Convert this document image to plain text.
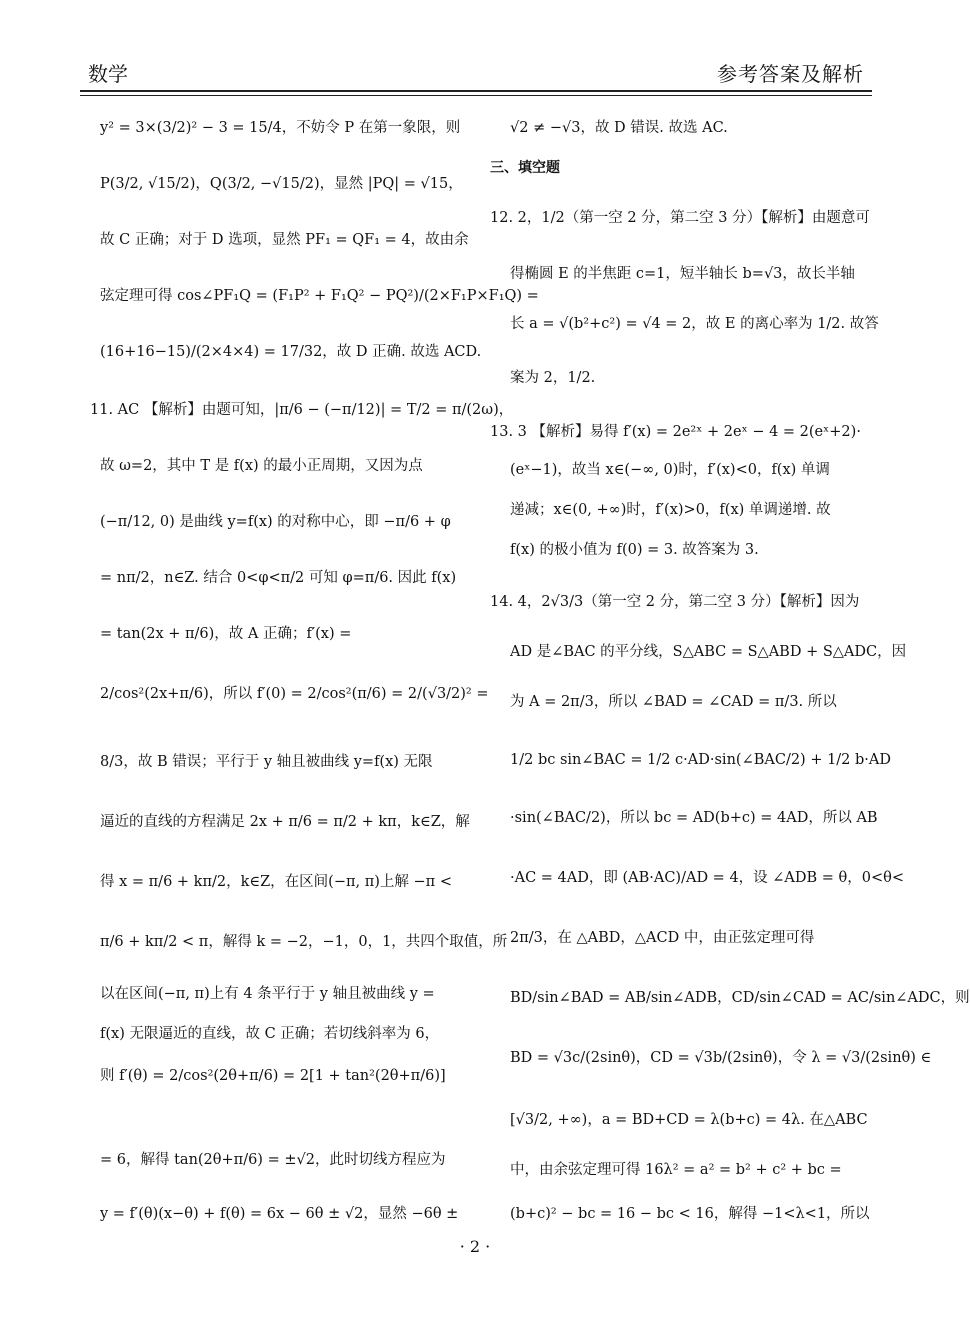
数学	参考答案及解析
y² = 3×(3/2)² − 3 = 15/4，不妨令 P 在第一象限，则
P(3/2, √15/2)，Q(3/2, −√15/2)，显然 |PQ| = √15，
故 C 正确；对于 D 选项，显然 PF₁ = QF₁ = 4，故由余
弦定理可得 cos∠PF₁Q = (F₁P² + F₁Q² − PQ²)/(2×F₁P×F₁Q) =
(16+16−15)/(2×4×4) = 17/32，故 D 正确. 故选 ACD.
11. AC 【解析】由题可知，|π/6 − (−π/12)| = T/2 = π/(2ω)，
故 ω=2，其中 T 是 f(x) 的最小正周期，又因为点
(−π/12, 0) 是曲线 y=f(x) 的对称中心，即 −π/6 + φ
= nπ/2，n∈Z. 结合 0<φ<π/2 可知 φ=π/6. 因此 f(x)
= tan(2x + π/6)，故 A 正确；f′(x) =
2/cos²(2x+π/6)，所以 f′(0) = 2/cos²(π/6) = 2/(√3/2)² =
8/3，故 B 错误；平行于 y 轴且被曲线 y=f(x) 无限
逼近的直线的方程满足 2x + π/6 = π/2 + kπ，k∈Z，解
得 x = π/6 + kπ/2，k∈Z，在区间(−π, π)上解 −π <
π/6 + kπ/2 < π，解得 k = −2，−1，0，1，共四个取值，所
以在区间(−π, π)上有 4 条平行于 y 轴且被曲线 y =
f(x) 无限逼近的直线，故 C 正确；若切线斜率为 6，
则 f′(θ) = 2/cos²(2θ+π/6) = 2[1 + tan²(2θ+π/6)]
= 6，解得 tan(2θ+π/6) = ±√2，此时切线方程应为
y = f′(θ)(x−θ) + f(θ) = 6x − 6θ ± √2，显然 −6θ ±
√2 ≠ −√3，故 D 错误. 故选 AC.
三、填空题
12. 2，1/2（第一空 2 分，第二空 3 分）【解析】由题意可
得椭圆 E 的半焦距 c=1，短半轴长 b=√3，故长半轴
长 a = √(b²+c²) = √4 = 2，故 E 的离心率为 1/2. 故答
案为 2，1/2.
13. 3 【解析】易得 f′(x) = 2e²ˣ + 2eˣ − 4 = 2(eˣ+2)·
(eˣ−1)，故当 x∈(−∞, 0)时，f′(x)<0，f(x) 单调
递减；x∈(0, +∞)时，f′(x)>0，f(x) 单调递增. 故
f(x) 的极小值为 f(0) = 3. 故答案为 3.
14. 4，2√3/3（第一空 2 分，第二空 3 分）【解析】因为
AD 是∠BAC 的平分线，S△ABC = S△ABD + S△ADC，因
为 A = 2π/3，所以 ∠BAD = ∠CAD = π/3. 所以
1/2 bc sin∠BAC = 1/2 c·AD·sin(∠BAC/2) + 1/2 b·AD
·sin(∠BAC/2)，所以 bc = AD(b+c) = 4AD，所以 AB
·AC = 4AD，即 (AB·AC)/AD = 4，设 ∠ADB = θ，0<θ<
2π/3，在 △ABD，△ACD 中，由正弦定理可得
BD/sin∠BAD = AB/sin∠ADB，CD/sin∠CAD = AC/sin∠ADC，则
BD = √3c/(2sinθ)，CD = √3b/(2sinθ)，令 λ = √3/(2sinθ) ∈
[√3/2, +∞)，a = BD+CD = λ(b+c) = 4λ. 在△ABC
中，由余弦定理可得 16λ² = a² = b² + c² + bc =
(b+c)² − bc = 16 − bc < 16，解得 −1<λ<1，所以
· 2 ·
